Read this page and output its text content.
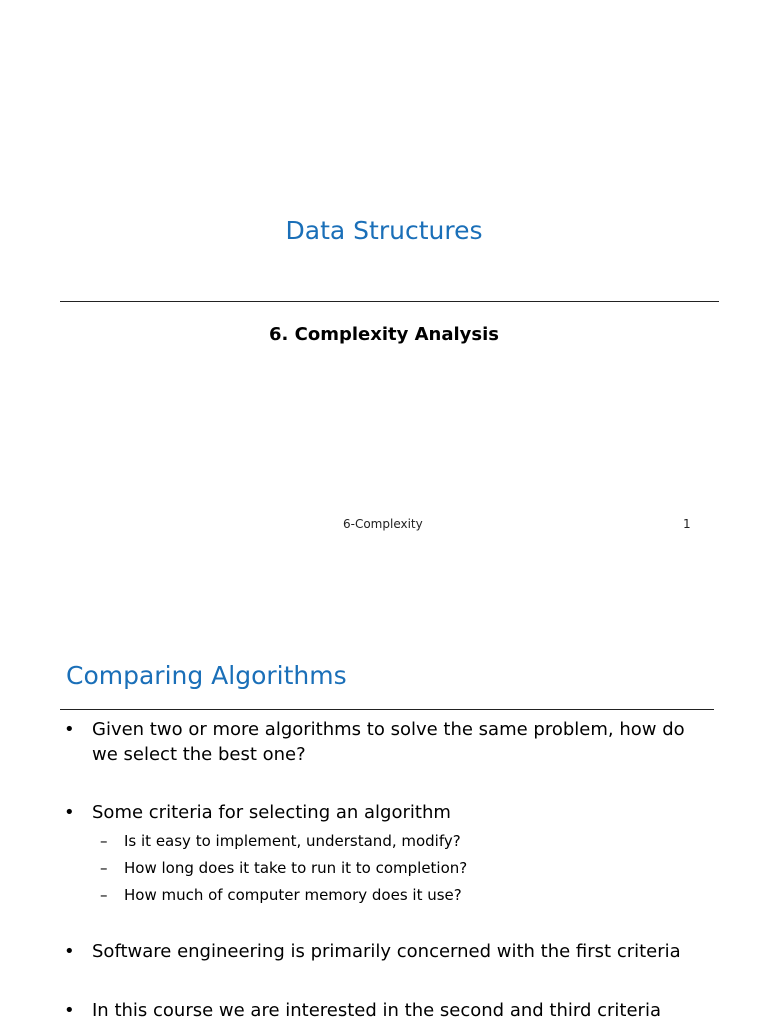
Data Structures
6. Complexity Analysis
6-Complexity	1
Comparing Algorithms
• Given two or more algorithms to solve the same problem, how do
we select the best one?
• Some criteria for selecting an algorithm
– Is it easy to implement, understand, modify?
– How long does it take to run it to completion?
– How much of computer memory does it use?
• Software engineering is primarily concerned with the first criteria
• In this course we are interested in the second and third criteria
